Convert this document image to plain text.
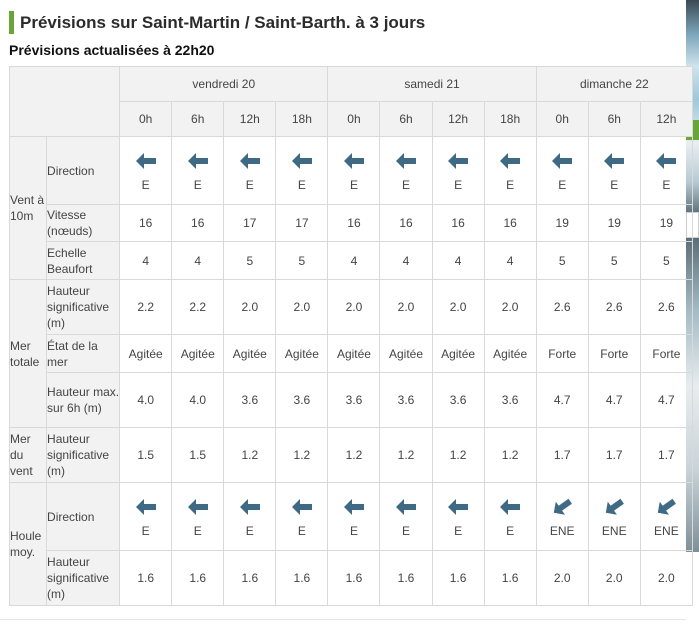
Prévisions sur Saint-Martin / Saint-Barth. à 3 jours
Prévisions actualisées à 22h20
		vendredi 20				samedi 21				dimanche 22		
		0h	6h	12h	18h	0h	6h	12h	18h	0h	6h	12h
Vent à 10m	Direction	E	E	E	E	E	E	E	E	E	E	E

	Vitesse (nœuds)	16	16	17	17	16	16	16	16	19	19	19
	Echelle Beaufort	4	4	5	5	4	4	4	4	5	5	5
Mer totale	Hauteur significative (m)	2.2	2.2	2.0	2.0	2.0	2.0	2.0	2.0	2.6	2.6	2.6
	État de la mer	Agitée	Agitée	Agitée	Agitée	Agitée	Agitée	Agitée	Agitée	Forte	Forte	Forte
	Hauteur max. sur 6h (m)	4.0	4.0	3.6	3.6	3.6	3.6	3.6	3.6	4.7	4.7	4.7
Mer du vent	Hauteur significative (m)	1.5	1.5	1.2	1.2	1.2	1.2	1.2	1.2	1.7	1.7	1.7
Houle moy.	Direction	E	E	E	E	E	E	E	E	ENE	ENE	ENE

	Hauteur significative (m)	1.6	1.6	1.6	1.6	1.6	1.6	1.6	1.6	2.0	2.0	2.0
